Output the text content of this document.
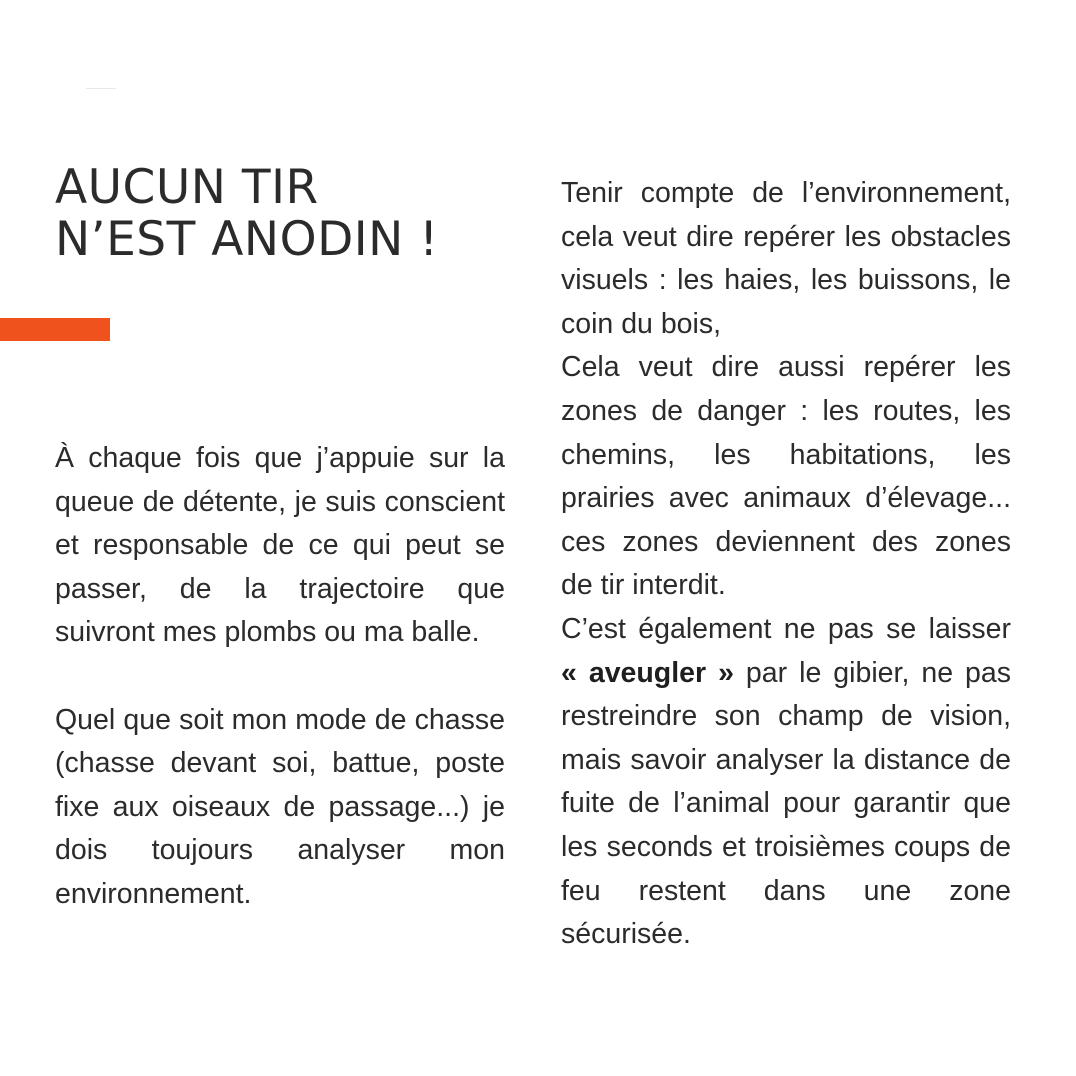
AUCUN TIR
N’EST ANODIN !

À chaque fois que j’appuie sur la queue de détente, je suis conscient et responsable de ce qui peut se passer, de la trajectoire que suivront mes plombs ou ma balle.

Quel que soit mon mode de chasse (chasse devant soi, battue, poste fixe aux oiseaux de passage...) je dois toujours analyser mon environnement.

Tenir compte de l’environnement, cela veut dire repérer les obstacles visuels : les haies, les buissons, le coin du bois,

Cela veut dire aussi repérer les zones de danger : les routes, les chemins, les habitations, les prairies avec animaux d’élevage... ces zones deviennent des zones de tir interdit.

C’est également ne pas se laisser « aveugler » par le gibier, ne pas restreindre son champ de vision, mais savoir analyser la distance de fuite de l’animal pour garantir que les seconds et troisièmes coups de feu restent dans une zone sécurisée.
